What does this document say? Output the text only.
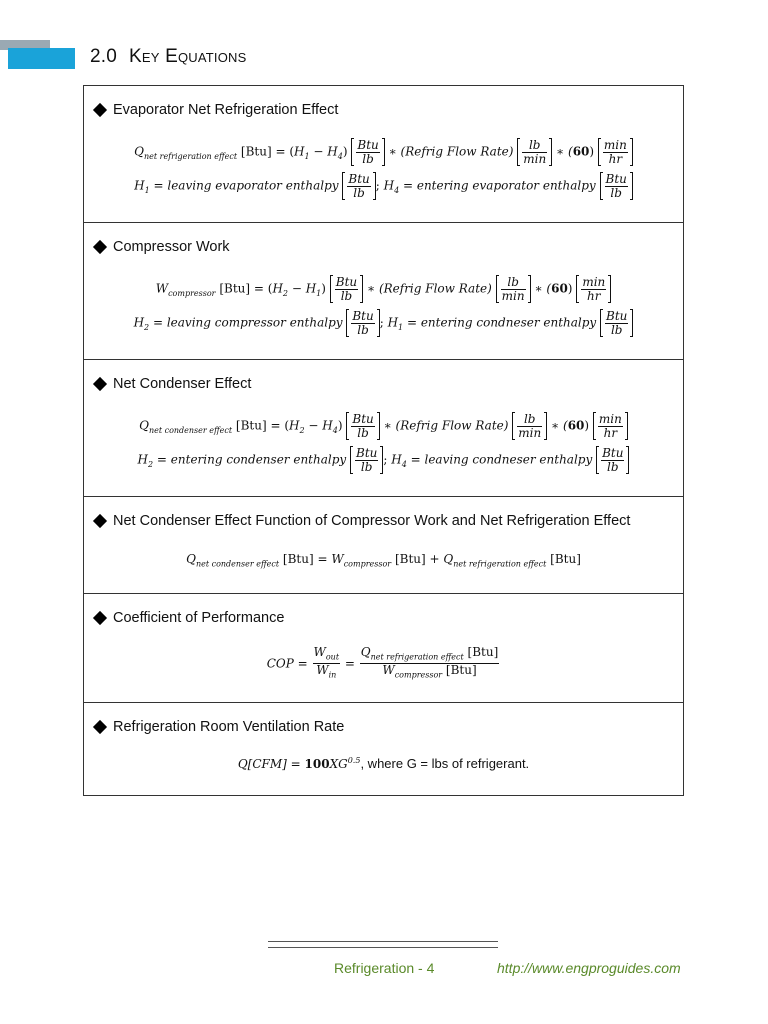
2.0 Key Equations
Evaporator Net Refrigeration Effect
$Q_{net refrigeration effect}$ $[Btu] = (H_1 - H_4) \frac{\text{Btu}}{lb}$ ∗ (Refrig Flow Rate) $\frac{lb}{\min}$ ∗ $(60) \frac{\min}{hr}$
$H_1$ = leaving evaporator enthalpy $\frac{\text{Btu}}{lb}$ ; $H_4$ = entering evaporator enthalpy $\frac{\text{Btu}}{lb}$
Compressor Work
$W_{compressor}$ $[Btu] = (H_2 - H_1) \frac{\text{Btu}}{lb}$ ∗ (Refrig Flow Rate) $\frac{lb}{\min}$ ∗ $(60) \frac{\min}{hr}$
$H_2$ = leaving compressor enthalpy $\frac{\text{Btu}}{lb}$ ; $H_1$ = entering condneser enthalpy $\frac{\text{Btu}}{lb}$
Net Condenser Effect
$Q_{net condenser effect}$ $[Btu] = (H_2 - H_4) \frac{\text{Btu}}{lb}$ ∗ (Refrig Flow Rate) $\frac{lb}{\min}$ ∗ $(60) \frac{\min}{hr}$
$H_2$ = entering condenser enthalpy $\frac{\text{Btu}}{lb}$ ; $H_4$ = leaving condneser enthalpy $\frac{\text{Btu}}{lb}$
Net Condenser Effect Function of Compressor Work and Net Refrigeration Effect
$Q_{net condenser effect}$ $[Btu] = W_{compressor}$ $[Btu] + Q_{net refrigeration effect}$ [Btu]
Coefficient of Performance
COP = $\frac{W_{out}}{W_{in}} = \frac{Q_{net refrigeration effect} [Btu]}{W_{compressor} [Btu]}$
Refrigeration Room Ventilation Rate
$Q[CFM] = 100XG^{0.5}$, where G = lbs of refrigerant.
Refrigeration - 4	http://www.engproguides.com
